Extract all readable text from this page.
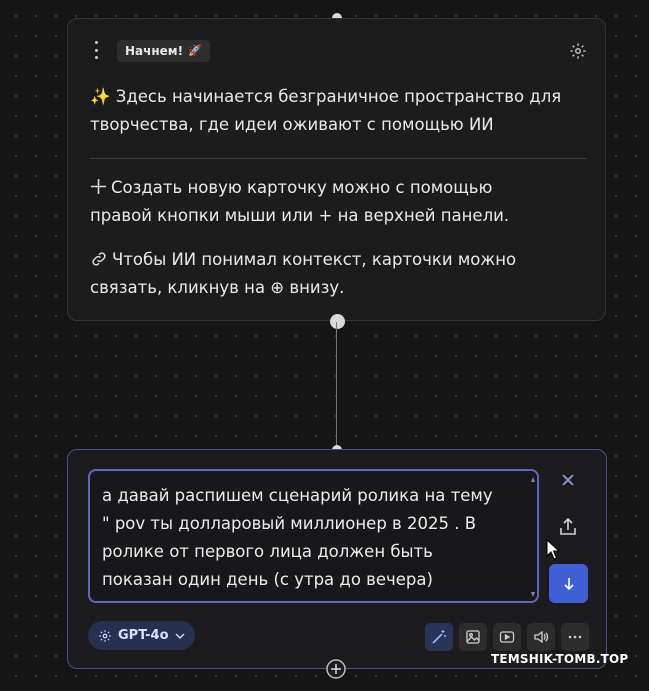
Начнем! 🚀
✨ Здесь начинается безграничное пространство для
творчества, где идеи оживают с помощью ИИ
Создать новую карточку можно с помощью
правой кнопки мыши или + на верхней панели.
Чтобы ИИ понимал контекст, карточки можно
связать, кликнув на ⊕ внизу.
а давай распишем сценарий ролика на тему
" pov ты долларовый миллионер в 2025 . В
ролике от первого лица должен быть
показан один день (с утра до вечера)
GPT-4o
TEMSHIK-TOMB.TOP
